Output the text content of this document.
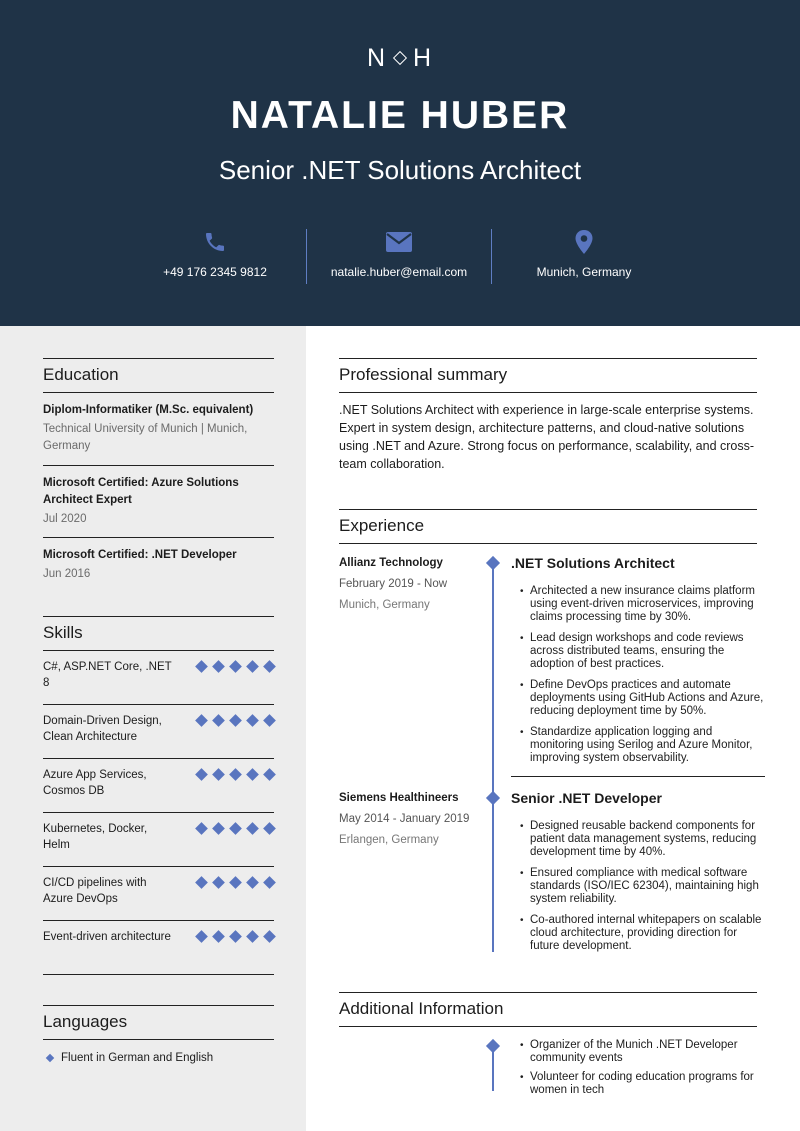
N H
NATALIE HUBER
Senior .NET Solutions Architect
+49 176 2345 9812	natalie.huber@email.com	Munich, Germany
Education
Diplom-Informatiker (M.Sc. equivalent)
Technical University of Munich | Munich, Germany
Microsoft Certified: Azure Solutions Architect Expert
Jul 2020
Microsoft Certified: .NET Developer
Jun 2016
Skills
C#, ASP.NET Core, .NET 8
Domain-Driven Design, Clean Architecture
Azure App Services, Cosmos DB
Kubernetes, Docker, Helm
CI/CD pipelines with Azure DevOps
Event-driven architecture
Languages
Fluent in German and English
Professional summary
.NET Solutions Architect with experience in large-scale enterprise systems. Expert in system design, architecture patterns, and cloud-native solutions using .NET and Azure. Strong focus on performance, scalability, and cross-team collaboration.
Experience
Allianz Technology
February 2019 - Now
Munich, Germany
.NET Solutions Architect
• Architected a new insurance claims platform using event-driven microservices, improving claims processing time by 30%.
• Lead design workshops and code reviews across distributed teams, ensuring the adoption of best practices.
• Define DevOps practices and automate deployments using GitHub Actions and Azure, reducing deployment time by 50%.
• Standardize application logging and monitoring using Serilog and Azure Monitor, improving system observability.
Siemens Healthineers
May 2014 - January 2019
Erlangen, Germany
Senior .NET Developer
• Designed reusable backend components for patient data management systems, reducing development time by 40%.
• Ensured compliance with medical software standards (ISO/IEC 62304), maintaining high system reliability.
• Co-authored internal whitepapers on scalable cloud architecture, providing direction for future development.
Additional Information
• Organizer of the Munich .NET Developer community events
• Volunteer for coding education programs for women in tech
